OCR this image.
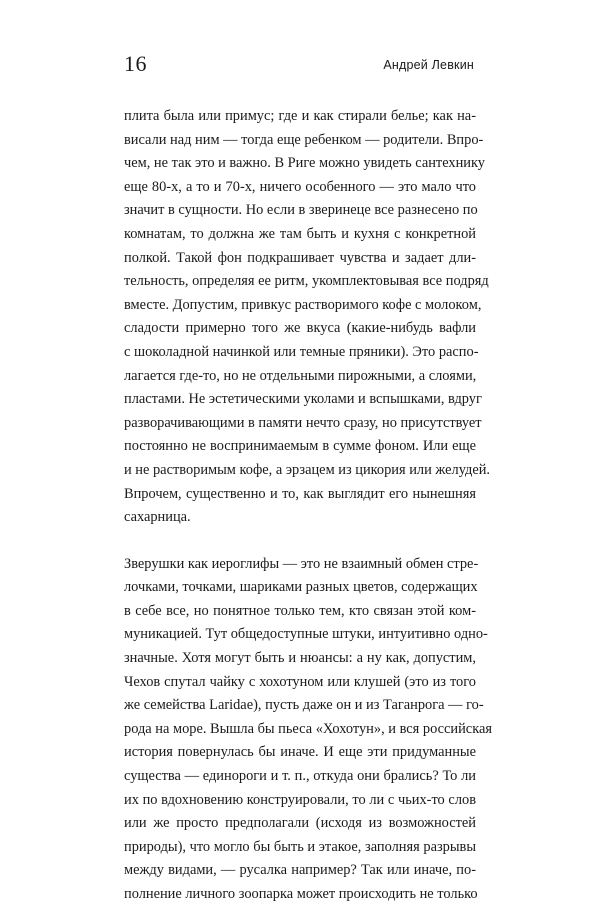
16	Андрей Левкин
плита была или примус; где и как стирали белье; как на-
висали над ним — тогда еще ребенком — родители. Впро-
чем, не так это и важно. В Риге можно увидеть сантехнику
еще 80-х, а то и 70-х, ничего особенного — это мало что
значит в сущности. Но если в зверинеце все разнесено по
комнатам, то должна же там быть и кухня с конкретной
полкой. Такой фон подкрашивает чувства и задает дли-
тельность, определяя ее ритм, укомплектовывая все подряд
вместе. Допустим, привкус растворимого кофе с молоком,
сладости примерно того же вкуса (какие-нибудь вафли
с шоколадной начинкой или темные пряники). Это распо-
лагается где-то, но не отдельными пирожными, а слоями,
пластами. Не эстетическими уколами и вспышками, вдруг
разворачивающими в памяти нечто сразу, но присутствует
постоянно не воспринимаемым в сумме фоном. Или еще
и не растворимым кофе, а эрзацем из цикория или желудей.
Впрочем, существенно и то, как выглядит его нынешняя
сахарница.
Зверушки как иероглифы — это не взаимный обмен стре-
лочками, точками, шариками разных цветов, содержащих
в себе все, но понятное только тем, кто связан этой ком-
муникацией. Тут общедоступные штуки, интуитивно одно-
значные. Хотя могут быть и нюансы: а ну как, допустим,
Чехов спутал чайку с хохотуном или клушей (это из того
же семейства Laridae), пусть даже он и из Таганрога — го-
рода на море. Вышла бы пьеса «Хохотун», и вся российская
история повернулась бы иначе. И еще эти придуманные
существа — единороги и т. п., откуда они брались? То ли
их по вдохновению конструировали, то ли с чьих-то слов
или же просто предполагали (исходя из возможностей
природы), что могло бы быть и этакое, заполняя разрывы
между видами, — русалка например? Так или иначе, по-
полнение личного зоопарка может происходить не только
